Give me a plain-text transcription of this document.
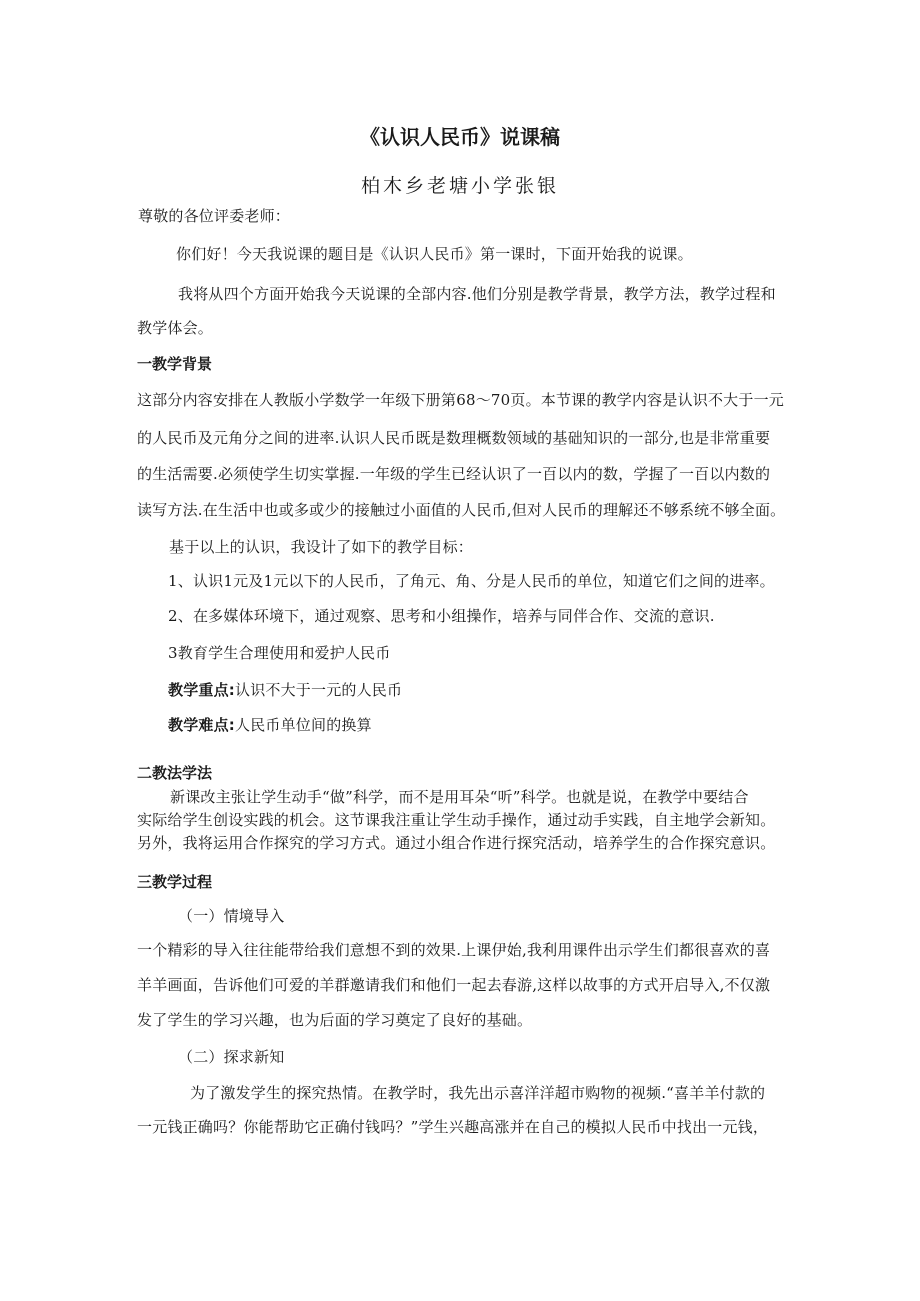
《认识人民币》说课稿
柏木乡老塘小学张银
尊敬的各位评委老师：
你们好！今天我说课的题目是《认识人民币》第一课时，下面开始我的说课。
我将从四个方面开始我今天说课的全部内容.他们分别是教学背景，教学方法，教学过程和
教学体会。
一教学背景
这部分内容安排在人教版小学数学一年级下册第68～70页。本节课的教学内容是认识不大于一元
的人民币及元角分之间的进率.认识人民币既是数理概数领域的基础知识的一部分,也是非常重要
的生活需要.必须使学生切实掌握.一年级的学生已经认识了一百以内的数，学握了一百以内数的
读写方法.在生活中也或多或少的接触过小面值的人民币,但对人民币的理解还不够系统不够全面。
基于以上的认识，我设计了如下的教学目标：
1、认识1元及1元以下的人民币，了角元、角、分是人民币的单位，知道它们之间的进率。
2、在多媒体环境下，通过观察、思考和小组操作，培养与同伴合作、交流的意识.
3教育学生合理使用和爱护人民币
教学重点:认识不大于一元的人民币
教学难点:人民币单位间的换算
二教法学法
新课改主张让学生动手“做”科学，而不是用耳朵“听”科学。也就是说，在教学中要结合
实际给学生创设实践的机会。这节课我注重让学生动手操作，通过动手实践，自主地学会新知。
另外，我将运用合作探究的学习方式。通过小组合作进行探究活动，培养学生的合作探究意识。
三教学过程
（一）情境导入
一个精彩的导入往往能带给我们意想不到的效果.上课伊始,我利用课件出示学生们都很喜欢的喜
羊羊画面，告诉他们可爱的羊群邀请我们和他们一起去春游,这样以故事的方式开启导入,不仅激
发了学生的学习兴趣，也为后面的学习奠定了良好的基础。
（二）探求新知
为了激发学生的探究热情。在教学时，我先出示喜洋洋超市购物的视频.“喜羊羊付款的
一元钱正确吗？你能帮助它正确付钱吗？”学生兴趣高涨并在自己的模拟人民币中找出一元钱，
